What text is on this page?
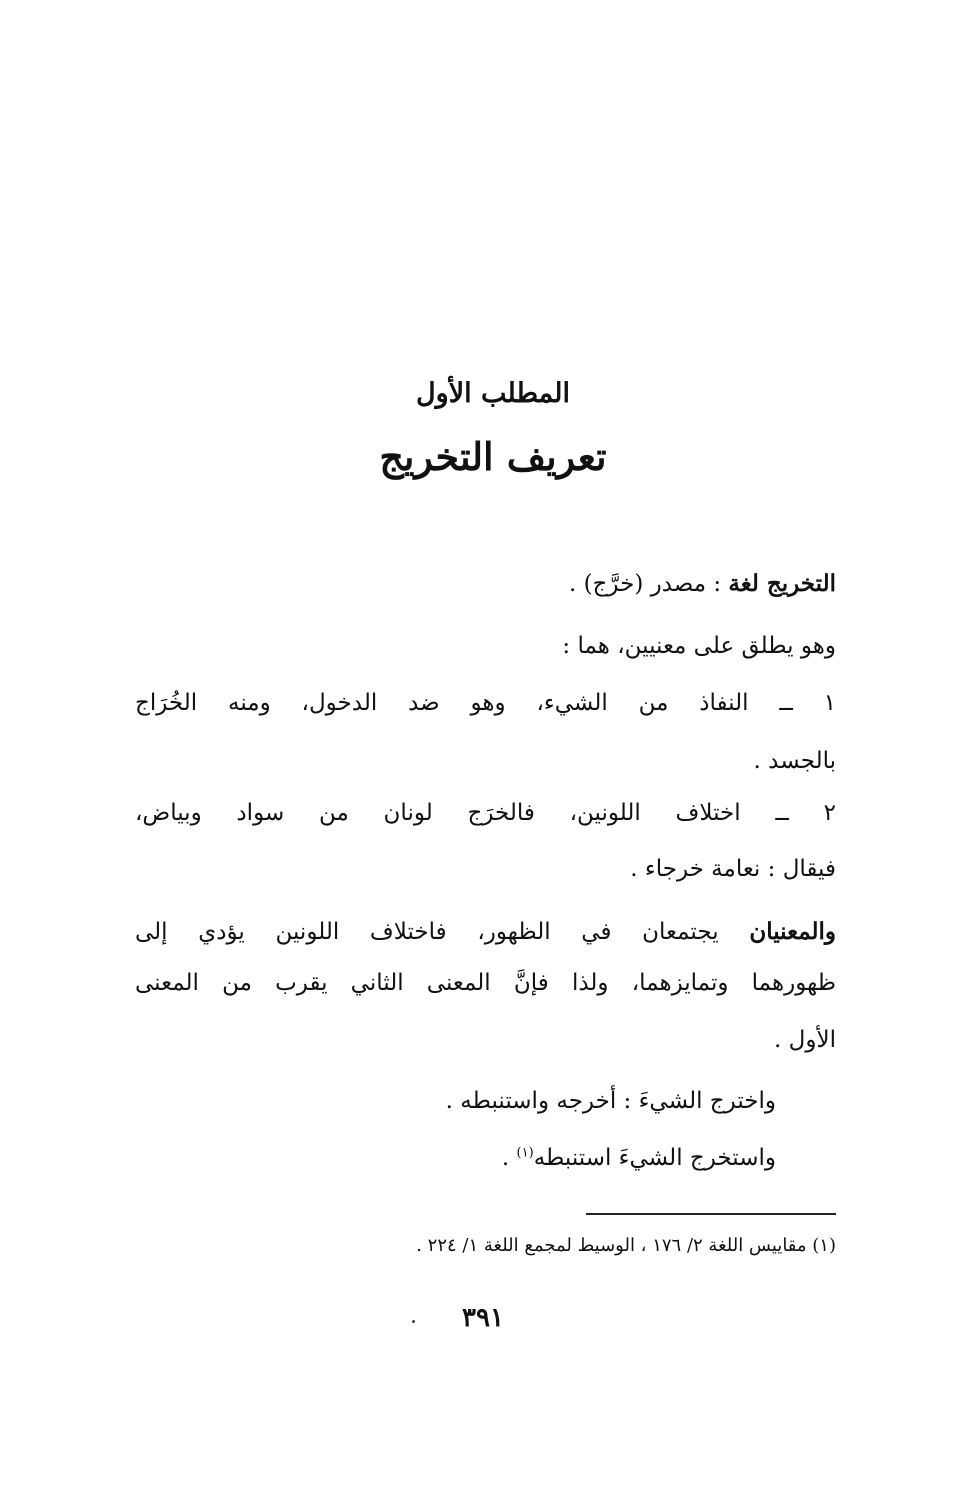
المطلب الأول
تعريف التخريج
التخريج لغة : مصدر (خرَّج) .
وهو يطلق على معنيين، هما :
١ ــ النفاذ من الشيء، وهو ضد الدخول، ومنه الخُرَاج
بالجسد .
٢ ــ اختلاف اللونين، فالخرَج لونان من سواد وبياض،
فيقال : نعامة خرجاء .
والمعنيان يجتمعان في الظهور، فاختلاف اللونين يؤدي إلى
ظهورهما وتمايزهما، ولذا فإنَّ المعنى الثاني يقرب من المعنى
الأول .
واخترج الشيءَ : أخرجه واستنبطه .
واستخرج الشيءَ استنبطه$^{(١)}$ .
(١) مقاييس اللغة ٢/ ١٧٦ ، الوسيط لمجمع اللغة ١/ ٢٢٤ .
٣٩١
